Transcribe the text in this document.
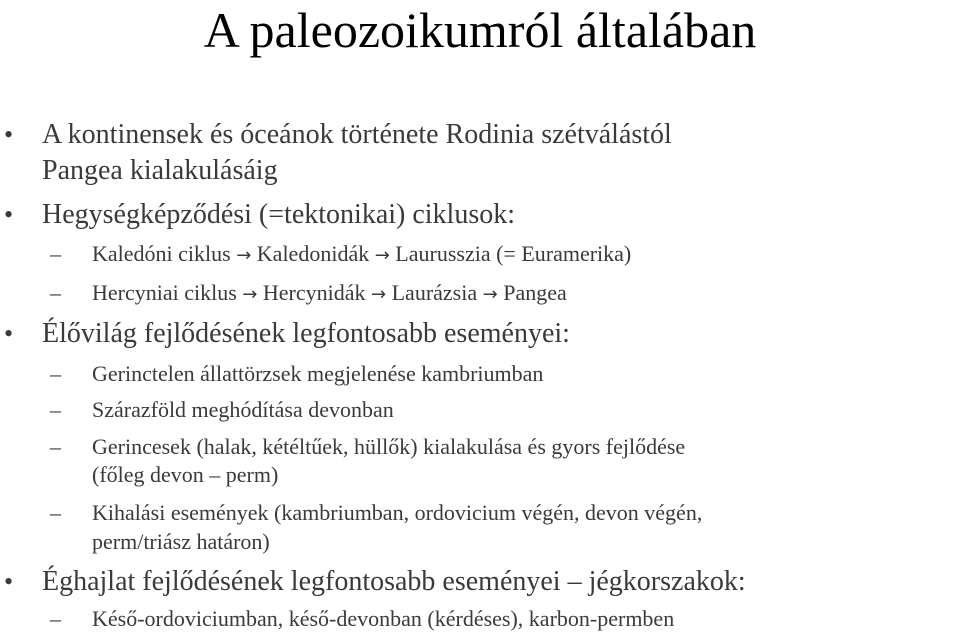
A paleozoikumról általában
• A kontinensek és óceánok története Rodinia szétválástól
Pangea kialakulásáig
• Hegységképződési (=tektonikai) ciklusok:
– Kaledóni ciklus → Kaledonidák → Laurusszia (= Euramerika)
– Hercyniai ciklus → Hercynidák → Laurázsia → Pangea
• Élővilág fejlődésének legfontosabb eseményei:
– Gerinctelen állattörzsek megjelenése kambriumban
– Szárazföld meghódítása devonban
– Gerincesek (halak, kétéltűek, hüllők) kialakulása és gyors fejlődése
(főleg devon – perm)
– Kihalási események (kambriumban, ordovicium végén, devon végén,
perm/triász határon)
• Éghajlat fejlődésének legfontosabb eseményei – jégkorszakok:
– Késő-ordoviciumban, késő-devonban (kérdéses), karbon-permben
